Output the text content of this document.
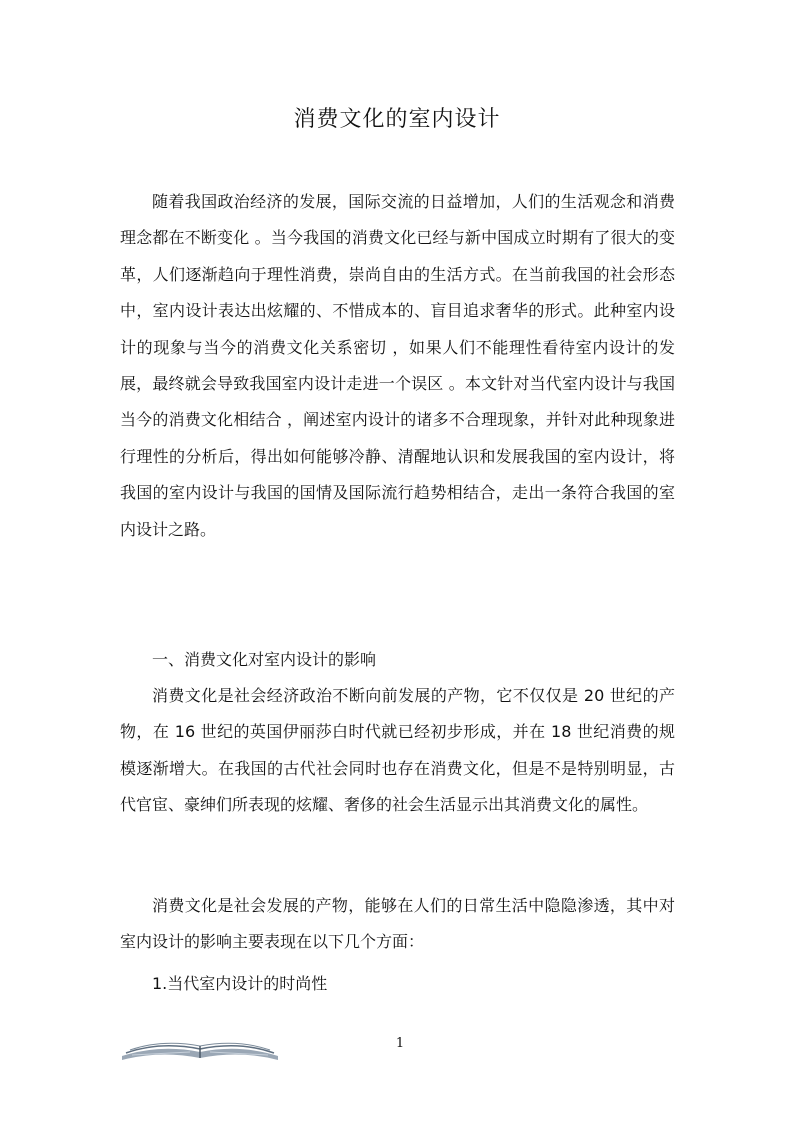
消费文化的室内设计

随着我国政治经济的发展，国际交流的日益增加，人们的生活观念和消费理念都在不断变化 。当今我国的消费文化已经与新中国成立时期有了很大的变革，人们逐渐趋向于理性消费，崇尚自由的生活方式。在当前我国的社会形态中，室内设计表达出炫耀的、不惜成本的、盲目追求奢华的形式。此种室内设计的现象与当今的消费文化关系密切 ，如果人们不能理性看待室内设计的发展，最终就会导致我国室内设计走进一个误区 。本文针对当代室内设计与我国当今的消费文化相结合 ，阐述室内设计的诸多不合理现象，并针对此种现象进行理性的分析后，得出如何能够冷静、清醒地认识和发展我国的室内设计，将我国的室内设计与我国的国情及国际流行趋势相结合，走出一条符合我国的室内设计之路。

一、消费文化对室内设计的影响

消费文化是社会经济政治不断向前发展的产物，它不仅仅是 20 世纪的产物，在 16 世纪的英国伊丽莎白时代就已经初步形成，并在 18 世纪消费的规模逐渐增大。在我国的古代社会同时也存在消费文化，但是不是特别明显，古代官宦、豪绅们所表现的炫耀、奢侈的社会生活显示出其消费文化的属性。

消费文化是社会发展的产物，能够在人们的日常生活中隐隐渗透，其中对室内设计的影响主要表现在以下几个方面：

1.当代室内设计的时尚性

1
